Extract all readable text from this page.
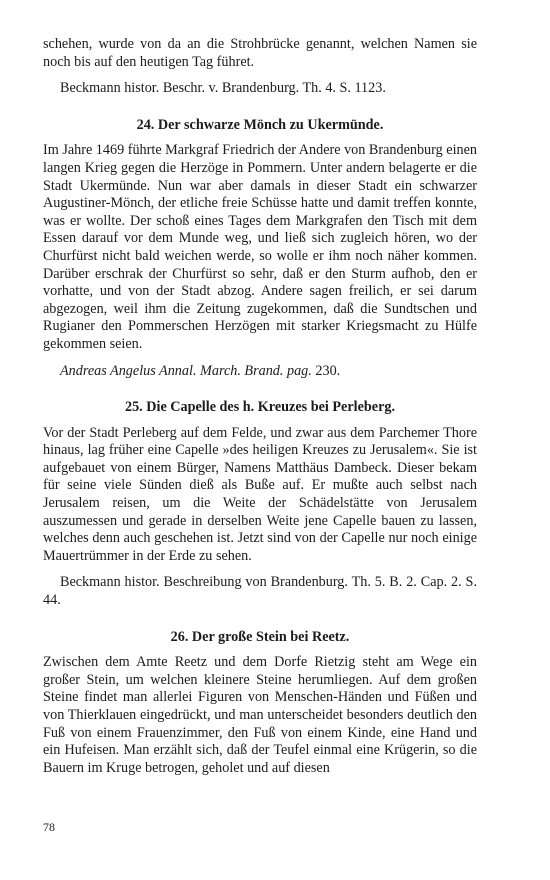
schehen, wurde von da an die Strohbrücke genannt, welchen Namen sie noch bis auf den heutigen Tag führet.

Beckmann histor. Beschr. v. Brandenburg. Th. 4. S. 1123.

24. Der schwarze Mönch zu Ukermünde.

Im Jahre 1469 führte Markgraf Friedrich der Andere von Brandenburg einen langen Krieg gegen die Herzöge in Pommern. Unter andern belagerte er die Stadt Ukermünde. Nun war aber damals in dieser Stadt ein schwarzer Augustiner-Mönch, der etliche freie Schüsse hatte und damit treffen konnte, was er wollte. Der schoß eines Tages dem Markgrafen den Tisch mit dem Essen darauf vor dem Munde weg, und ließ sich zugleich hören, wo der Churfürst nicht bald weichen werde, so wolle er ihm noch näher kommen. Darüber erschrak der Churfürst so sehr, daß er den Sturm aufhob, den er vorhatte, und von der Stadt abzog. Andere sagen freilich, er sei darum abgezogen, weil ihm die Zeitung zugekommen, daß die Sundtschen und Rugianer den Pommerschen Herzögen mit starker Kriegsmacht zu Hülfe gekommen seien.

Andreas Angelus Annal. March. Brand. pag. 230.

25. Die Capelle des h. Kreuzes bei Perleberg.

Vor der Stadt Perleberg auf dem Felde, und zwar aus dem Parchemer Thore hinaus, lag früher eine Capelle »des heiligen Kreuzes zu Jerusalem«. Sie ist aufgebauet von einem Bürger, Namens Matthäus Dambeck. Dieser bekam für seine viele Sünden dieß als Buße auf. Er mußte auch selbst nach Jerusalem reisen, um die Weite der Schädelstätte von Jerusalem auszumessen und gerade in derselben Weite jene Capelle bauen zu lassen, welches denn auch geschehen ist. Jetzt sind von der Capelle nur noch einige Mauertrümmer in der Erde zu sehen.

Beckmann histor. Beschreibung von Brandenburg. Th. 5. B. 2. Cap. 2. S. 44.

26. Der große Stein bei Reetz.

Zwischen dem Amte Reetz und dem Dorfe Rietzig steht am Wege ein großer Stein, um welchen kleinere Steine herumliegen. Auf dem großen Steine findet man allerlei Figuren von Menschen-Händen und Füßen und von Thierklauen eingedrückt, und man unterscheidet besonders deutlich den Fuß von einem Frauenzimmer, den Fuß von einem Kinde, eine Hand und ein Hufeisen. Man erzählt sich, daß der Teufel einmal eine Krügerin, so die Bauern im Kruge betrogen, geholet und auf diesen

78
